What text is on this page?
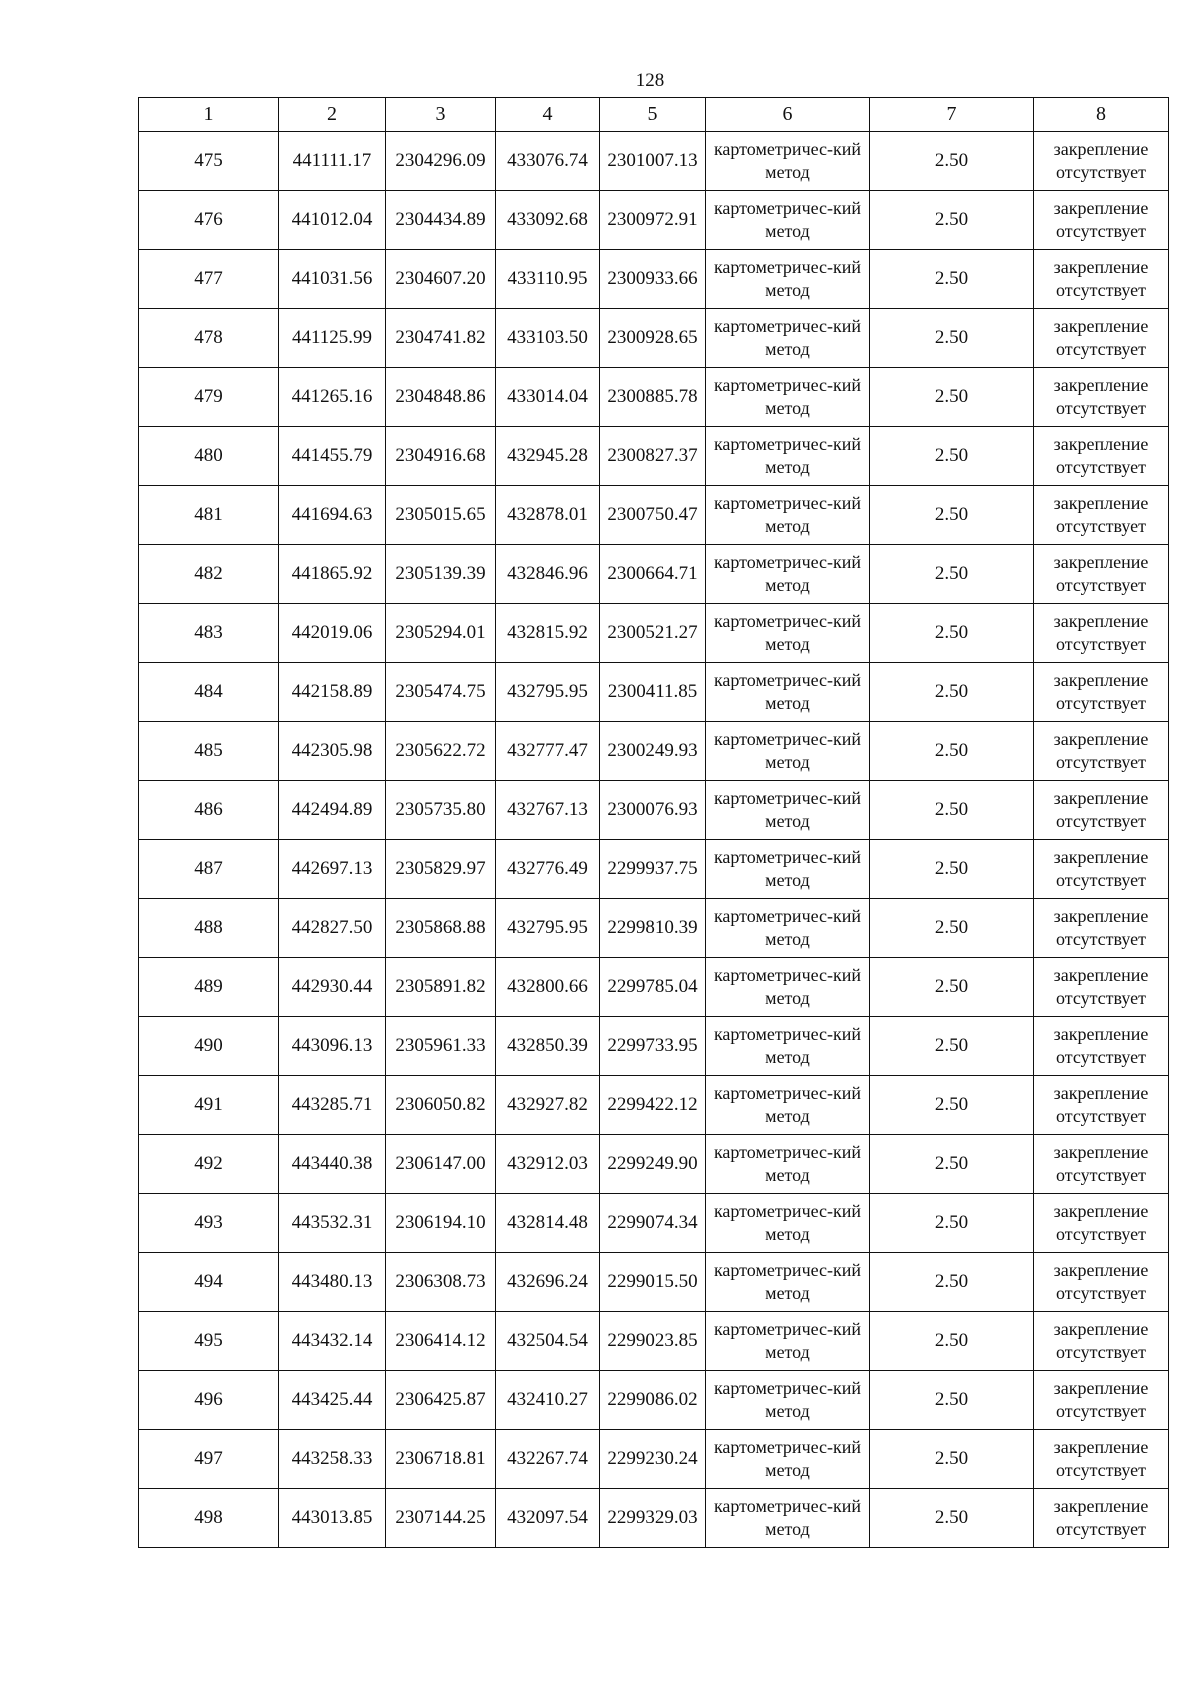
128
1	2	3	4	5	6	7	8
475	441111.17	2304296.09	433076.74	2301007.13	картометричес-кий метод	2.50	закрепление отсутствует
476	441012.04	2304434.89	433092.68	2300972.91	картометричес-кий метод	2.50	закрепление отсутствует
477	441031.56	2304607.20	433110.95	2300933.66	картометричес-кий метод	2.50	закрепление отсутствует
478	441125.99	2304741.82	433103.50	2300928.65	картометричес-кий метод	2.50	закрепление отсутствует
479	441265.16	2304848.86	433014.04	2300885.78	картометричес-кий метод	2.50	закрепление отсутствует
480	441455.79	2304916.68	432945.28	2300827.37	картометричес-кий метод	2.50	закрепление отсутствует
481	441694.63	2305015.65	432878.01	2300750.47	картометричес-кий метод	2.50	закрепление отсутствует
482	441865.92	2305139.39	432846.96	2300664.71	картометричес-кий метод	2.50	закрепление отсутствует
483	442019.06	2305294.01	432815.92	2300521.27	картометричес-кий метод	2.50	закрепление отсутствует
484	442158.89	2305474.75	432795.95	2300411.85	картометричес-кий метод	2.50	закрепление отсутствует
485	442305.98	2305622.72	432777.47	2300249.93	картометричес-кий метод	2.50	закрепление отсутствует
486	442494.89	2305735.80	432767.13	2300076.93	картометричес-кий метод	2.50	закрепление отсутствует
487	442697.13	2305829.97	432776.49	2299937.75	картометричес-кий метод	2.50	закрепление отсутствует
488	442827.50	2305868.88	432795.95	2299810.39	картометричес-кий метод	2.50	закрепление отсутствует
489	442930.44	2305891.82	432800.66	2299785.04	картометричес-кий метод	2.50	закрепление отсутствует
490	443096.13	2305961.33	432850.39	2299733.95	картометричес-кий метод	2.50	закрепление отсутствует
491	443285.71	2306050.82	432927.82	2299422.12	картометричес-кий метод	2.50	закрепление отсутствует
492	443440.38	2306147.00	432912.03	2299249.90	картометричес-кий метод	2.50	закрепление отсутствует
493	443532.31	2306194.10	432814.48	2299074.34	картометричес-кий метод	2.50	закрепление отсутствует
494	443480.13	2306308.73	432696.24	2299015.50	картометричес-кий метод	2.50	закрепление отсутствует
495	443432.14	2306414.12	432504.54	2299023.85	картометричес-кий метод	2.50	закрепление отсутствует
496	443425.44	2306425.87	432410.27	2299086.02	картометричес-кий метод	2.50	закрепление отсутствует
497	443258.33	2306718.81	432267.74	2299230.24	картометричес-кий метод	2.50	закрепление отсутствует
498	443013.85	2307144.25	432097.54	2299329.03	картометричес-кий метод	2.50	закрепление отсутствует
